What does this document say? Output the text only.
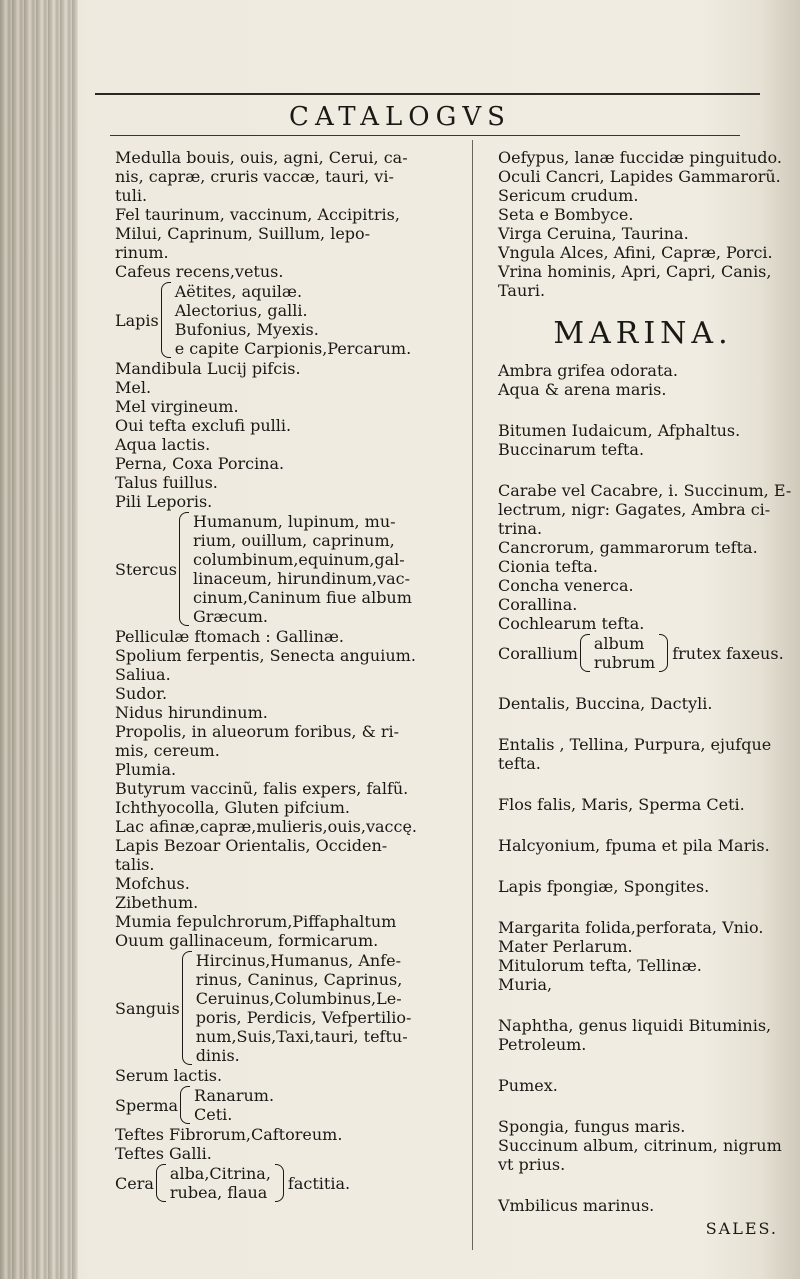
CATALOGVS
Medulla bouis, ouis, agni, Cerui, ca-
nis, capræ, cruris vaccæ, tauri, vi-
tuli.
Fel taurinum, vaccinum, Accipitris,
Milui, Caprinum, Suillum, lepo-
rinum.
Cafeus recens,vetus.
Lapis
Aëtites, aquilæ.
Alectorius, galli.
Bufonius, Myexis.
e capite Carpionis,Percarum.
Mandibula Lucij pifcis.
Mel.
Mel virgineum.
Oui tefta exclufi pulli.
Aqua lactis.
Perna, Coxa Porcina.
Talus fuillus.
Pili Leporis.
Stercus
Humanum, lupinum, mu-
rium, ouillum, caprinum,
columbinum,equinum,gal-
linaceum, hirundinum,vac-
cinum,Caninum fiue album
Græcum.
Pelliculæ ftomach : Gallinæ.
Spolium ferpentis, Senecta anguium.
Saliua.
Sudor.
Nidus hirundinum.
Propolis, in alueorum foribus, & ri-
mis, cereum.
Plumia.
Butyrum vaccinũ, falis expers, falfũ.
Ichthyocolla, Gluten pifcium.
Lac afinæ,capræ,mulieris,ouis,vaccę.
Lapis Bezoar Orientalis, Occiden-
talis.
Mofchus.
Zibethum.
Mumia fepulchrorum,Piffaphaltum
Ouum gallinaceum, formicarum.
Sanguis
Hircinus,Humanus, Anfe-
rinus, Caninus, Caprinus,
Ceruinus,Columbinus,Le-
poris, Perdicis, Vefpertilio-
num,Suis,Taxi,tauri, teftu-
dinis.
Serum lactis.
Sperma Ranarum.
Ceti.
Teftes Fibrorum,Caftoreum.
Teftes Galli.
Cera alba,Citrina,
rubea, flaua factitia.
Oefypus, lanæ fuccidæ pinguitudo.
Oculi Cancri, Lapides Gammarorũ.
Sericum crudum.
Seta e Bombyce.
Virga Ceruina, Taurina.
Vngula Alces, Afini, Capræ, Porci.
Vrina hominis, Apri, Capri, Canis,
Tauri.
MARINA.
Ambra grifea odorata.
Aqua & arena maris.
Bitumen Iudaicum, Afphaltus.
Buccinarum tefta.
Carabe vel Cacabre, i. Succinum, E-
lectrum, nigr: Gagates, Ambra ci-
trina.
Cancrorum, gammarorum tefta.
Cionia tefta.
Concha venerca.
Corallina.
Cochlearum tefta.
Corallium album
rubrum frutex faxeus.
Dentalis, Buccina, Dactyli.
Entalis , Tellina, Purpura, ejufque
tefta.
Flos falis, Maris, Sperma Ceti.
Halcyonium, fpuma et pila Maris.
Lapis fpongiæ, Spongites.
Margarita folida,perforata, Vnio.
Mater Perlarum.
Mitulorum tefta, Tellinæ.
Muria,
Naphtha, genus liquidi Bituminis,
Petroleum.
Pumex.
Spongia, fungus maris.
Succinum album, citrinum, nigrum
vt prius.
Vmbilicus marinus.
SALES.
